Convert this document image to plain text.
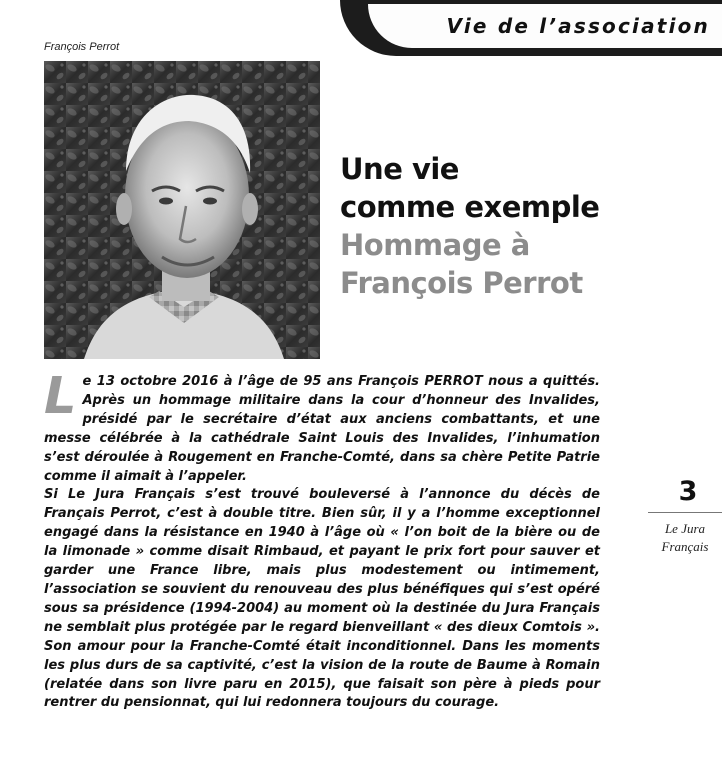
Vie de l’association
François Perrot
Une vie
comme exemple
Hommage à
François Perrot

Le 13 octobre 2016 à l’âge de 95 ans François PERROT nous a quittés. Après un hommage militaire dans la cour d’honneur des Invalides, présidé par le secrétaire d’état aux anciens combattants, et une messe célébrée à la cathédrale Saint Louis des Invalides, l’inhumation s’est déroulée à Rougement en Franche-Comté, dans sa chère Petite Patrie comme il aimait à l’appeler.

Si Le Jura Français s’est trouvé bouleversé à l’annonce du décès de Français Perrot, c’est à double titre. Bien sûr, il y a l’homme exceptionnel engagé dans la résistance en 1940 à l’âge où « l’on boit de la bière ou de la limonade » comme disait Rimbaud, et payant le prix fort pour sauver et garder une France libre, mais plus modestement ou intimement, l’association se souvient du renouveau des plus bénéfiques qui s’est opéré sous sa présidence (1994-2004) au moment où la destinée du Jura Français ne semblait plus protégée par le regard bienveillant « des dieux Comtois ». Son amour pour la Franche-Comté était inconditionnel. Dans les moments les plus durs de sa captivité, c’est la vision de la route de Baume à Romain (relatée dans son livre paru en 2015), que faisait son père à pieds pour rentrer du pensionnat, qui lui redonnera toujours du courage.

3
Le Jura
Français
